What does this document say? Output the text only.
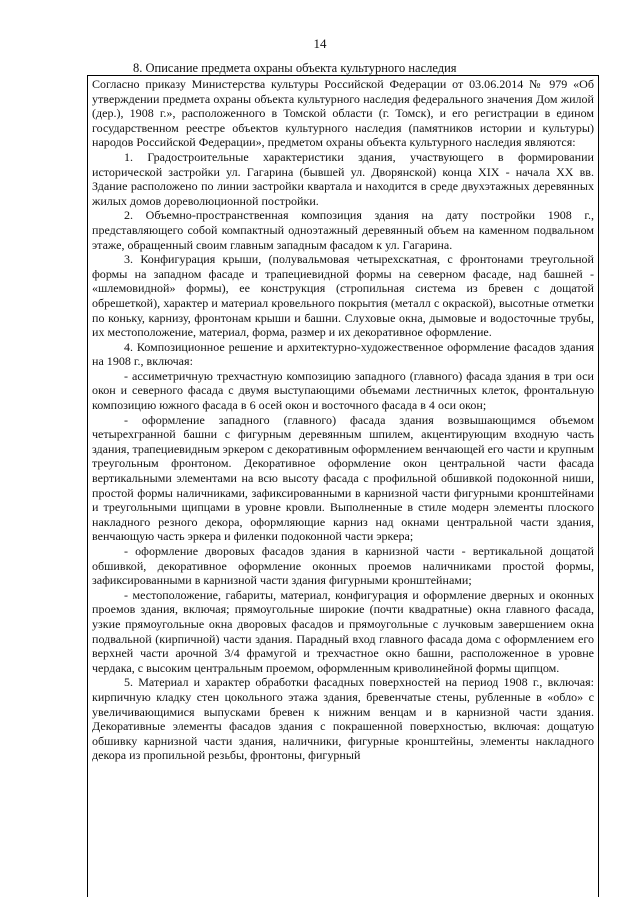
14
8. Описание предмета охраны объекта культурного наследия

Согласно приказу Министерства культуры Российской Федерации от 03.06.2014 № 979 «Об утверждении предмета охраны объекта культурного наследия федерального значения Дом жилой (дер.), 1908 г.», расположенного в Томской области (г. Томск), и его регистрации в едином государственном реестре объектов культурного наследия (памятников истории и культуры) народов Российской Федерации», предметом охраны объекта культурного наследия являются:

1. Градостроительные характеристики здания, участвующего в формировании исторической застройки ул. Гагарина (бывшей ул. Дворянской) конца XIX - начала XX вв. Здание расположено по линии застройки квартала и находится в среде двухэтажных деревянных жилых домов дореволюционной постройки.

2. Объемно-пространственная композиция здания на дату постройки 1908 г., представляющего собой компактный одноэтажный деревянный объем на каменном подвальном этаже, обращенный своим главным западным фасадом к ул. Гагарина.

3. Конфигурация крыши, (полувальмовая четырехскатная, с фронтонами треугольной формы на западном фасаде и трапециевидной формы на северном фасаде, над башней - «шлемовидной» формы), ее конструкция (стропильная система из бревен с дощатой обрешеткой), характер и материал кровельного покрытия (металл с окраской), высотные отметки по коньку, карнизу, фронтонам крыши и башни. Слуховые окна, дымовые и водосточные трубы, их местоположение, материал, форма, размер и их декоративное оформление.

4. Композиционное решение и архитектурно-художественное оформление фасадов здания на 1908 г., включая:

- ассиметричную трехчастную композицию западного (главного) фасада здания в три оси окон и северного фасада с двумя выступающими объемами лестничных клеток, фронтальную композицию южного фасада в 6 осей окон и восточного фасада в 4 оси окон;

- оформление западного (главного) фасада здания возвышающимся объемом четырехгранной башни с фигурным деревянным шпилем, акцентирующим входную часть здания, трапециевидным эркером с декоративным оформлением венчающей его части и крупным треугольным фронтоном. Декоративное оформление окон центральной части фасада вертикальными элементами на всю высоту фасада с профильной обшивкой подоконной ниши, простой формы наличниками, зафиксированными в карнизной части фигурными кронштейнами и треугольными щипцами в уровне кровли. Выполненные в стиле модерн элементы плоского накладного резного декора, оформляющие карниз над окнами центральной части здания, венчающую часть эркера и филенки подоконной части эркера;

- оформление дворовых фасадов здания в карнизной части - вертикальной дощатой обшивкой, декоративное оформление оконных проемов наличниками простой формы, зафиксированными в карнизной части здания фигурными кронштейнами;

- местоположение, габариты, материал, конфигурация и оформление дверных и оконных проемов здания, включая; прямоугольные широкие (почти квадратные) окна главного фасада, узкие прямоугольные окна дворовых фасадов и прямоугольные с лучковым завершением окна подвальной (кирпичной) части здания. Парадный вход главного фасада дома с оформлением его верхней части арочной 3/4 фрамугой и трехчастное окно башни, расположенное в уровне чердака, с высоким центральным проемом, оформленным криволинейной формы щипцом.

5. Материал и характер обработки фасадных поверхностей на период 1908 г., включая: кирпичную кладку стен цокольного этажа здания, бревенчатые стены, рубленные в «обло» с увеличивающимися выпусками бревен к нижним венцам и в карнизной части здания. Декоративные элементы фасадов здания с покрашенной поверхностью, включая: дощатую обшивку карнизной части здания, наличники, фигурные кронштейны, элементы накладного декора из пропильной резьбы, фронтоны, фигурный
